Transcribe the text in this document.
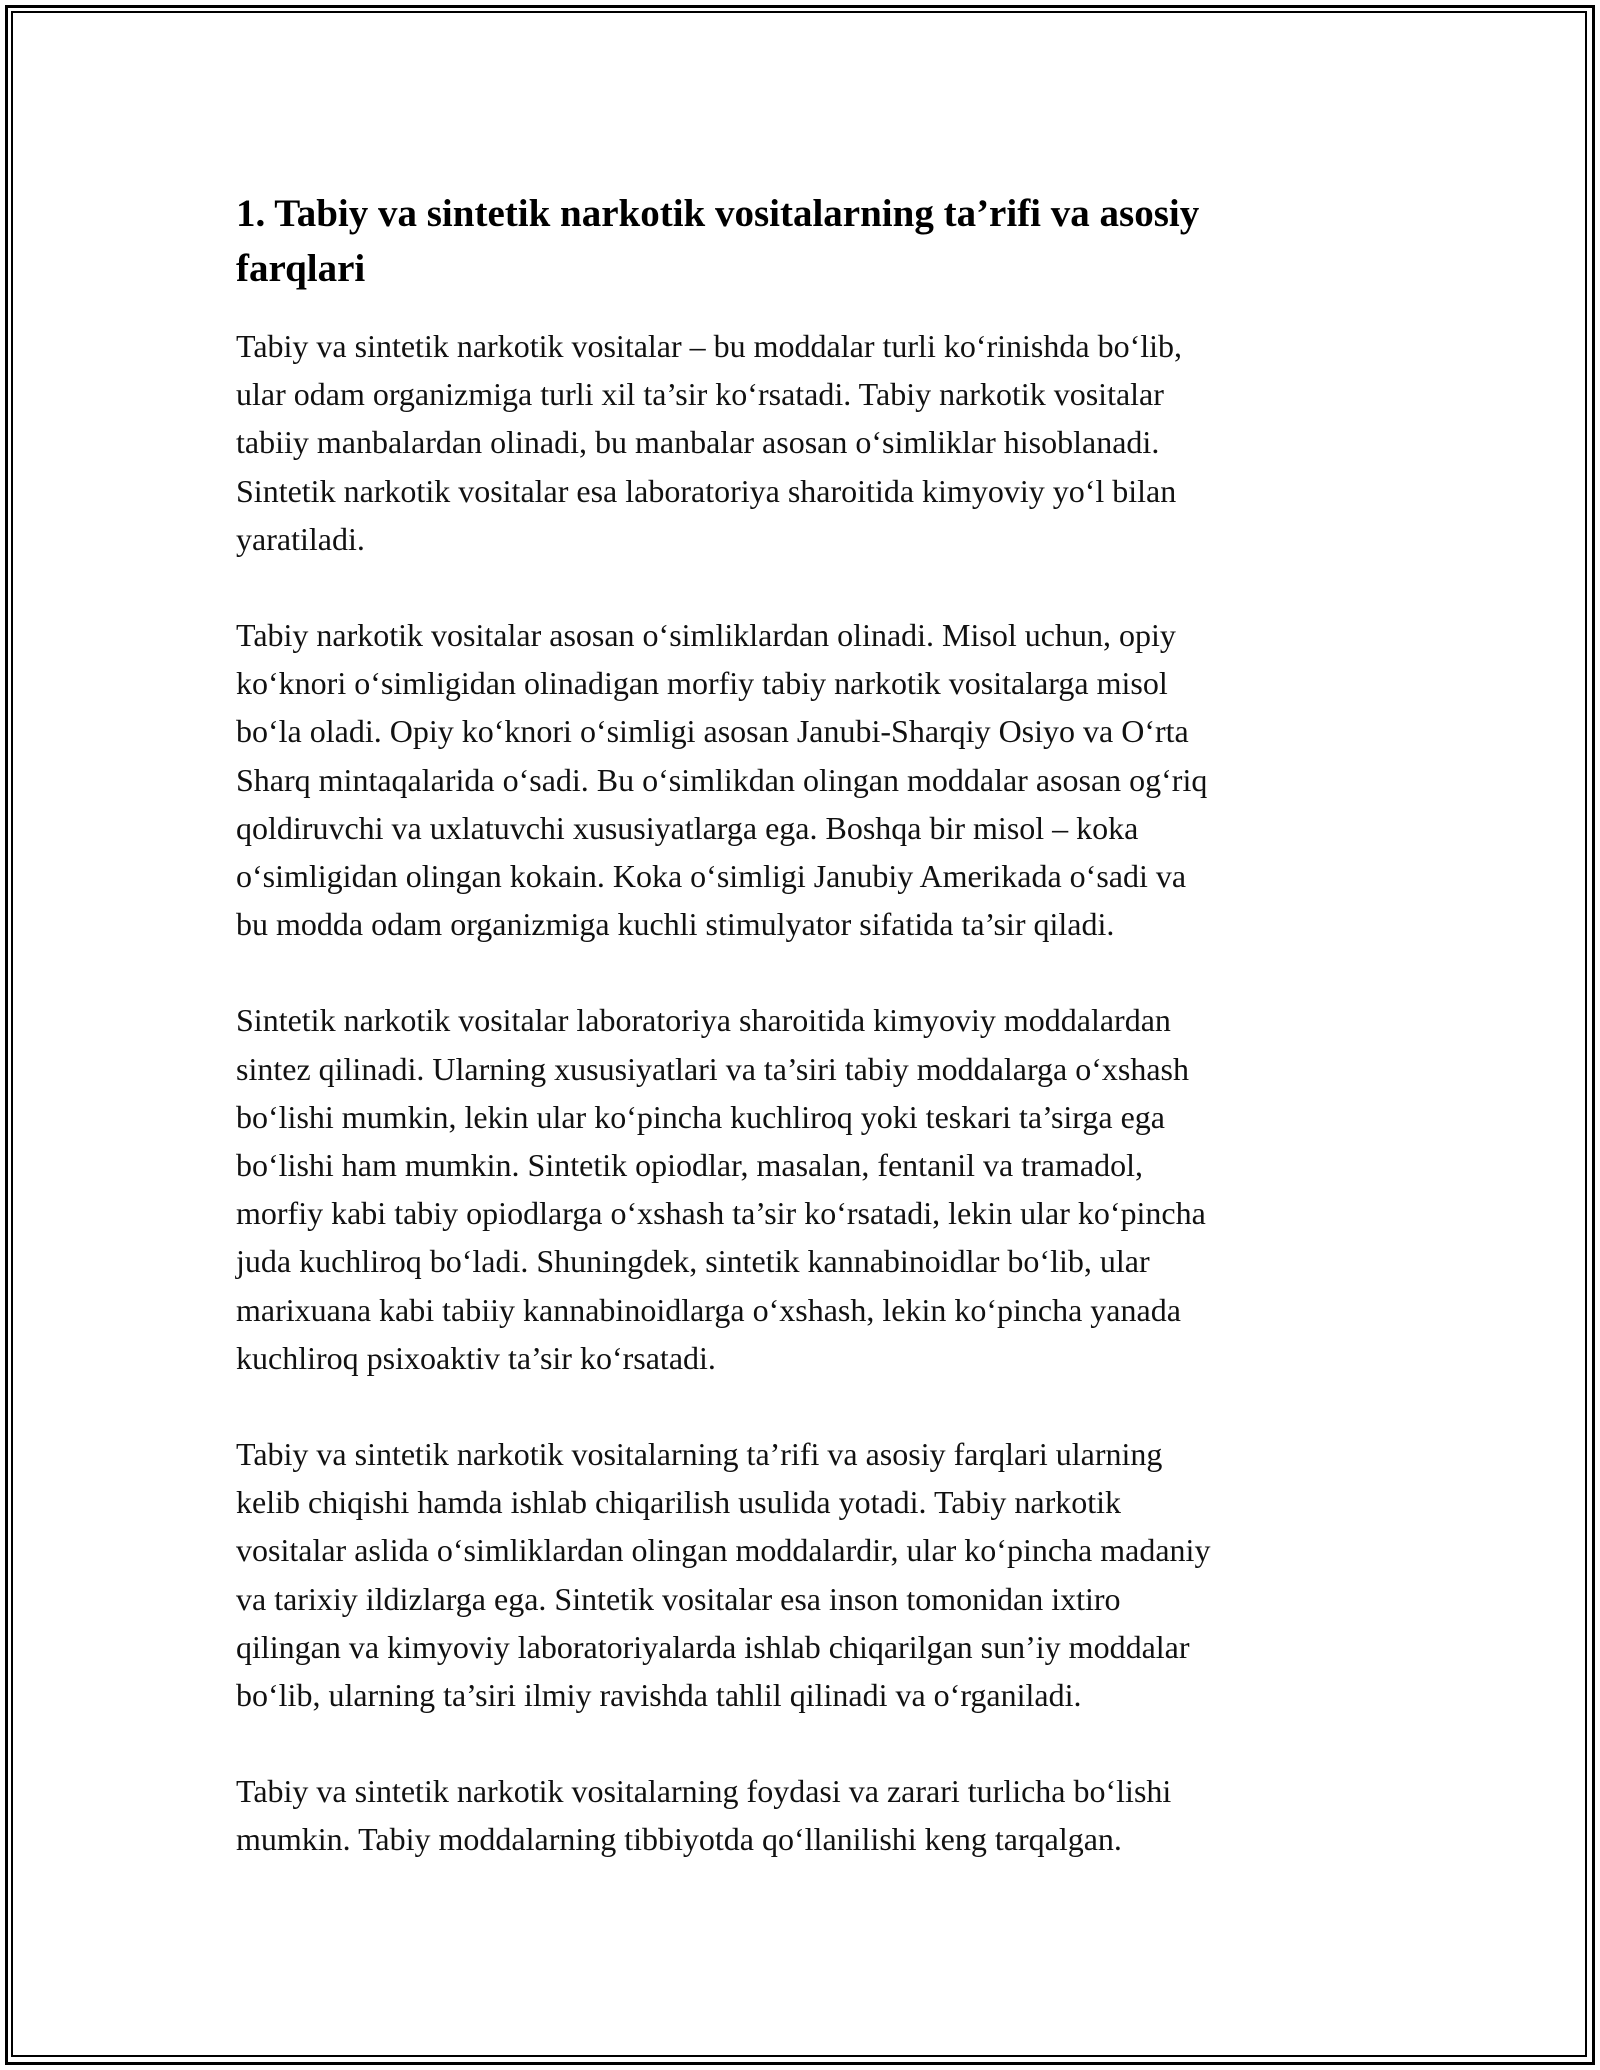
1. Tabiy va sintetik narkotik vositalarning ta’rifi va asosiy
farqlari

Tabiy va sintetik narkotik vositalar – bu moddalar turli ko‘rinishda bo‘lib,
ular odam organizmiga turli xil ta’sir ko‘rsatadi. Tabiy narkotik vositalar
tabiiy manbalardan olinadi, bu manbalar asosan o‘simliklar hisoblanadi.
Sintetik narkotik vositalar esa laboratoriya sharoitida kimyoviy yo‘l bilan
yaratiladi.

Tabiy narkotik vositalar asosan o‘simliklardan olinadi. Misol uchun, opiy
ko‘knori o‘simligidan olinadigan morfiy tabiy narkotik vositalarga misol
bo‘la oladi. Opiy ko‘knori o‘simligi asosan Janubi-Sharqiy Osiyo va O‘rta
Sharq mintaqalarida o‘sadi. Bu o‘simlikdan olingan moddalar asosan og‘riq
qoldiruvchi va uxlatuvchi xususiyatlarga ega. Boshqa bir misol – koka
o‘simligidan olingan kokain. Koka o‘simligi Janubiy Amerikada o‘sadi va
bu modda odam organizmiga kuchli stimulyator sifatida ta’sir qiladi.

Sintetik narkotik vositalar laboratoriya sharoitida kimyoviy moddalardan
sintez qilinadi. Ularning xususiyatlari va ta’siri tabiy moddalarga o‘xshash
bo‘lishi mumkin, lekin ular ko‘pincha kuchliroq yoki teskari ta’sirga ega
bo‘lishi ham mumkin. Sintetik opiodlar, masalan, fentanil va tramadol,
morfiy kabi tabiy opiodlarga o‘xshash ta’sir ko‘rsatadi, lekin ular ko‘pincha
juda kuchliroq bo‘ladi. Shuningdek, sintetik kannabinoidlar bo‘lib, ular
marixuana kabi tabiiy kannabinoidlarga o‘xshash, lekin ko‘pincha yanada
kuchliroq psixoaktiv ta’sir ko‘rsatadi.

Tabiy va sintetik narkotik vositalarning ta’rifi va asosiy farqlari ularning
kelib chiqishi hamda ishlab chiqarilish usulida yotadi. Tabiy narkotik
vositalar aslida o‘simliklardan olingan moddalardir, ular ko‘pincha madaniy
va tarixiy ildizlarga ega. Sintetik vositalar esa inson tomonidan ixtiro
qilingan va kimyoviy laboratoriyalarda ishlab chiqarilgan sun’iy moddalar
bo‘lib, ularning ta’siri ilmiy ravishda tahlil qilinadi va o‘rganiladi.

Tabiy va sintetik narkotik vositalarning foydasi va zarari turlicha bo‘lishi
mumkin. Tabiy moddalarning tibbiyotda qo‘llanilishi keng tarqalgan.
